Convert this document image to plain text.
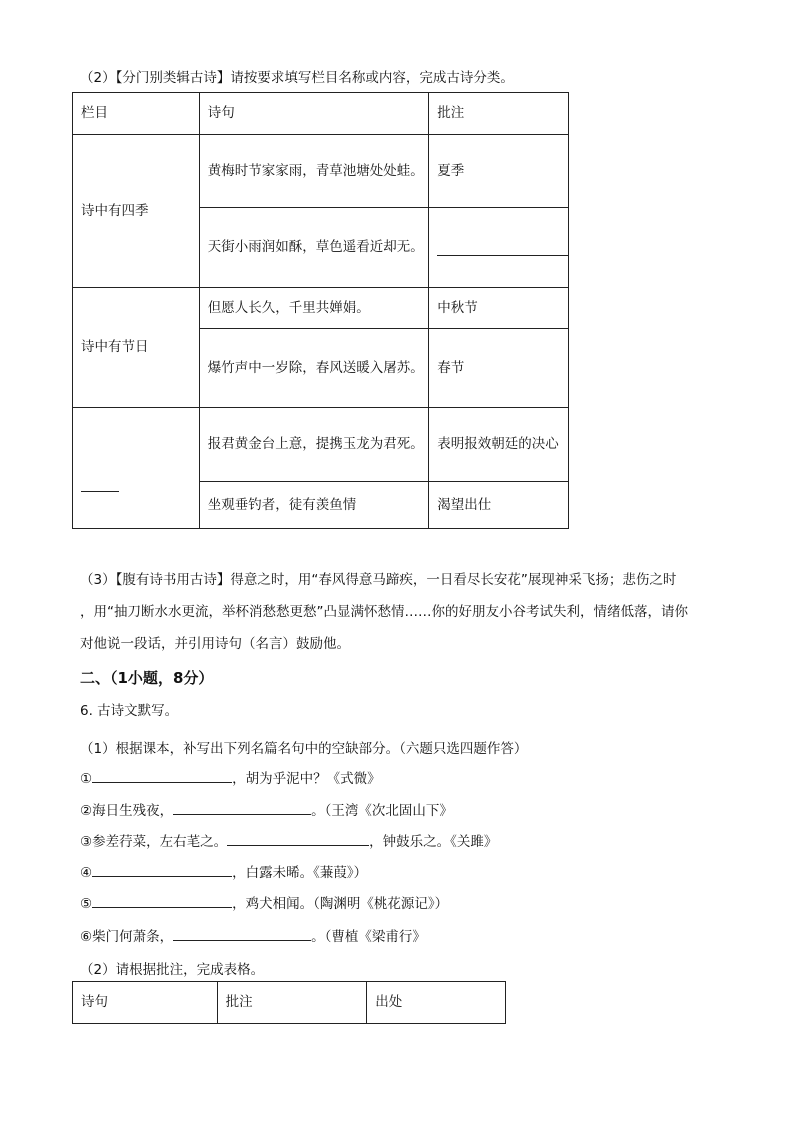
（2）【分门别类辑古诗】请按要求填写栏目名称或内容，完成古诗分类。
栏目	诗句	批注
诗中有四季	黄梅时节家家雨，青草池塘处处蛙。	夏季
	天街小雨润如酥，草色遥看近却无。	

诗中有节日	但愿人长久，千里共婵娟。	中秋节
	爆竹声中一岁除，春风送暖入屠苏。	春节
	报君黄金台上意，提携玉龙为君死。	表明报效朝廷的决心
	坐观垂钓者，徒有羡鱼情	渴望出仕
（3）【腹有诗书用古诗】得意之时，用“春风得意马蹄疾，一日看尽长安花”展现神采飞扬；悲伤之时
，用“抽刀断水水更流，举杯消愁愁更愁”凸显满怀愁情……你的好朋友小谷考试失利，情绪低落，请你
对他说一段话，并引用诗句（名言）鼓励他。
二、（1小题，8分）
6. 古诗文默写。
（1）根据课本，补写出下列名篇名句中的空缺部分。（六题只选四题作答）
①	，胡为乎泥中？《式微》
②海日生残夜，	。（王湾《次北固山下》
③参差荇菜，左右芼之。	，钟鼓乐之。《关雎》
④	，白露未晞。《蒹葭》）
⑤	，鸡犬相闻。（陶渊明《桃花源记》）
⑥柴门何萧条，	。（曹植《梁甫行》
（2）请根据批注，完成表格。
诗句	批注	出处
